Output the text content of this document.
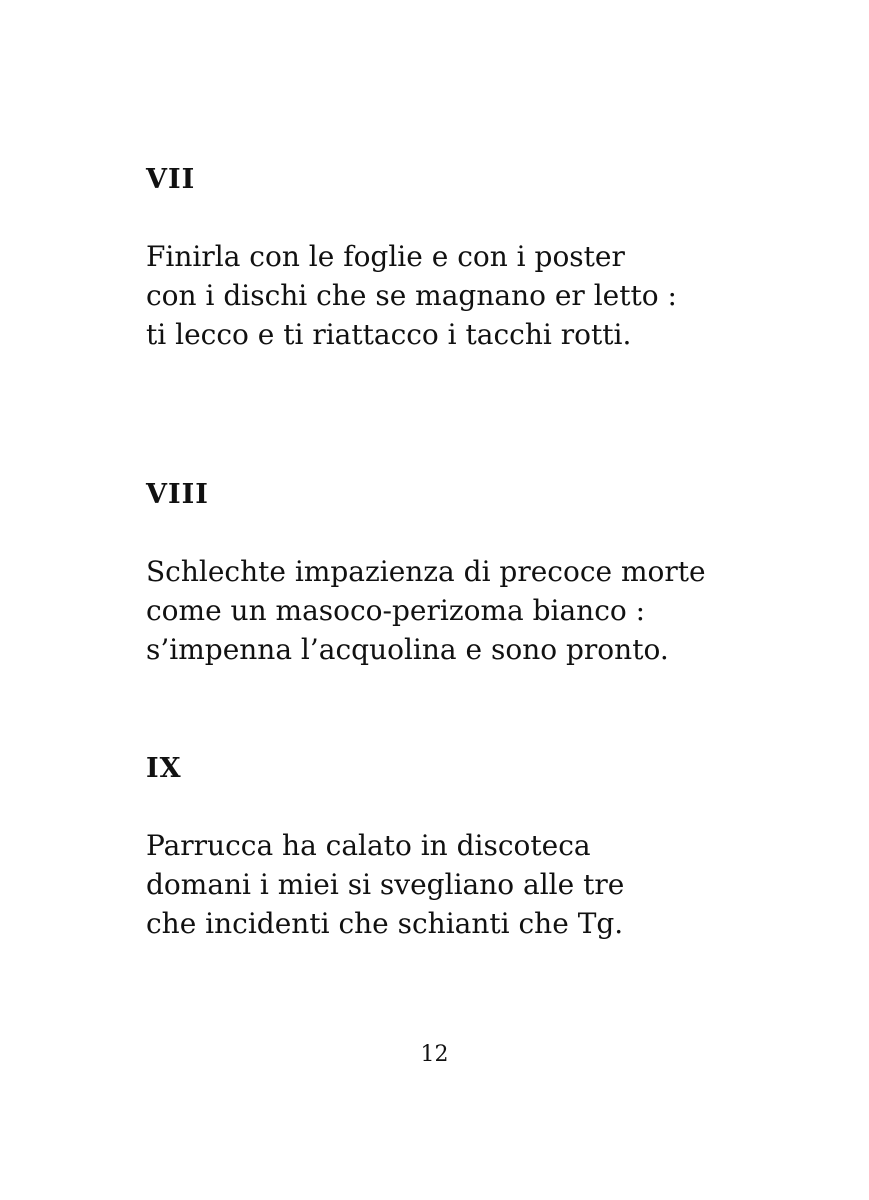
VII

Finirla con le foglie e con i poster
con i dischi che se magnano er letto :
ti lecco e ti riattacco i tacchi rotti.

VIII

Schlechte impazienza di precoce morte
come un masoco-perizoma bianco :
s’impenna l’acquolina e sono pronto.

IX

Parrucca ha calato in discoteca
domani i miei si svegliano alle tre
che incidenti che schianti che Tg.

12
